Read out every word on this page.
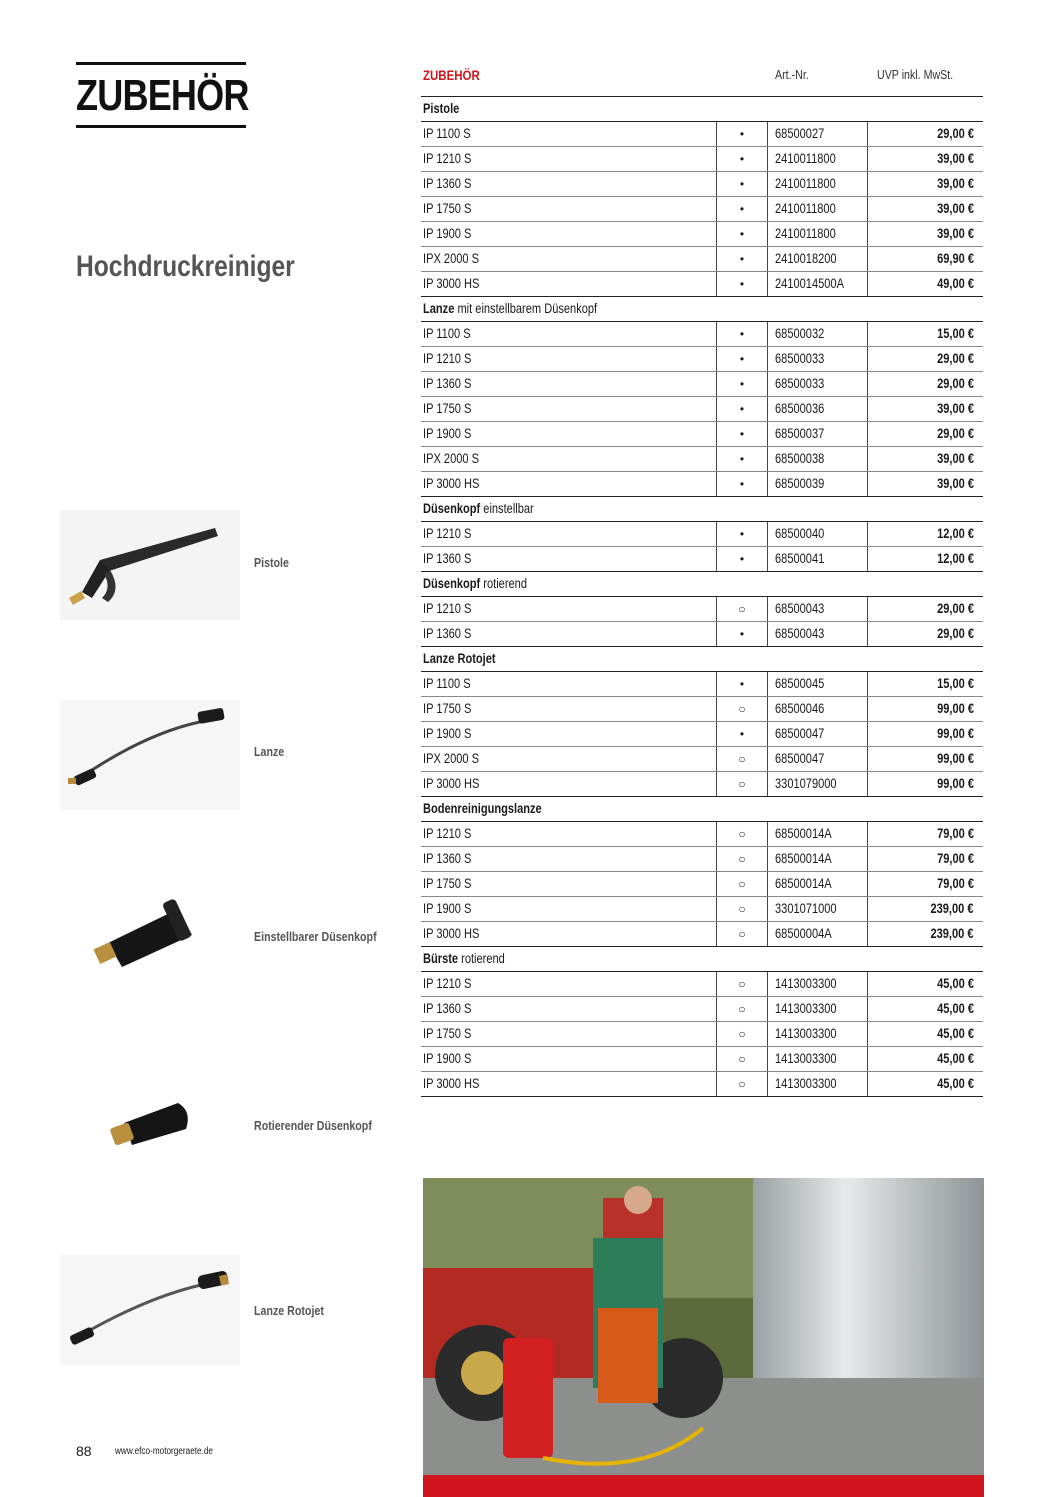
ZUBEHÖR
Hochdruckreiniger
Pistole
Lanze
Einstellbarer Düsenkopf
Rotierender Düsenkopf
Lanze Rotojet
ZUBEHÖR	Art.-Nr.	UVP inkl. MwSt.
Pistole
IP 1100 S	•	68500027	29,00 €
IP 1210 S	•	2410011800	39,00 €
IP 1360 S	•	2410011800	39,00 €
IP 1750 S	•	2410011800	39,00 €
IP 1900 S	•	2410011800	39,00 €
IPX 2000 S	•	2410018200	69,90 €
IP 3000 HS	•	2410014500A	49,00 €
Lanze mit einstellbarem Düsenkopf
IP 1100 S	•	68500032	15,00 €
IP 1210 S	•	68500033	29,00 €
IP 1360 S	•	68500033	29,00 €
IP 1750 S	•	68500036	39,00 €
IP 1900 S	•	68500037	29,00 €
IPX 2000 S	•	68500038	39,00 €
IP 3000 HS	•	68500039	39,00 €
Düsenkopf einstellbar
IP 1210 S	•	68500040	12,00 €
IP 1360 S	•	68500041	12,00 €
Düsenkopf rotierend
IP 1210 S	○	68500043	29,00 €
IP 1360 S	•	68500043	29,00 €
Lanze Rotojet
IP 1100 S	•	68500045	15,00 €
IP 1750 S	○	68500046	99,00 €
IP 1900 S	•	68500047	99,00 €
IPX 2000 S	○	68500047	99,00 €
IP 3000 HS	○	3301079000	99,00 €
Bodenreinigungslanze
IP 1210 S	○	68500014A	79,00 €
IP 1360 S	○	68500014A	79,00 €
IP 1750 S	○	68500014A	79,00 €
IP 1900 S	○	3301071000	239,00 €
IP 3000 HS	○	68500004A	239,00 €
Bürste rotierend
IP 1210 S	○	1413003300	45,00 €
IP 1360 S	○	1413003300	45,00 €
IP 1750 S	○	1413003300	45,00 €
IP 1900 S	○	1413003300	45,00 €
IP 3000 HS	○	1413003300	45,00 €
88 www.efco-motorgeraete.de
